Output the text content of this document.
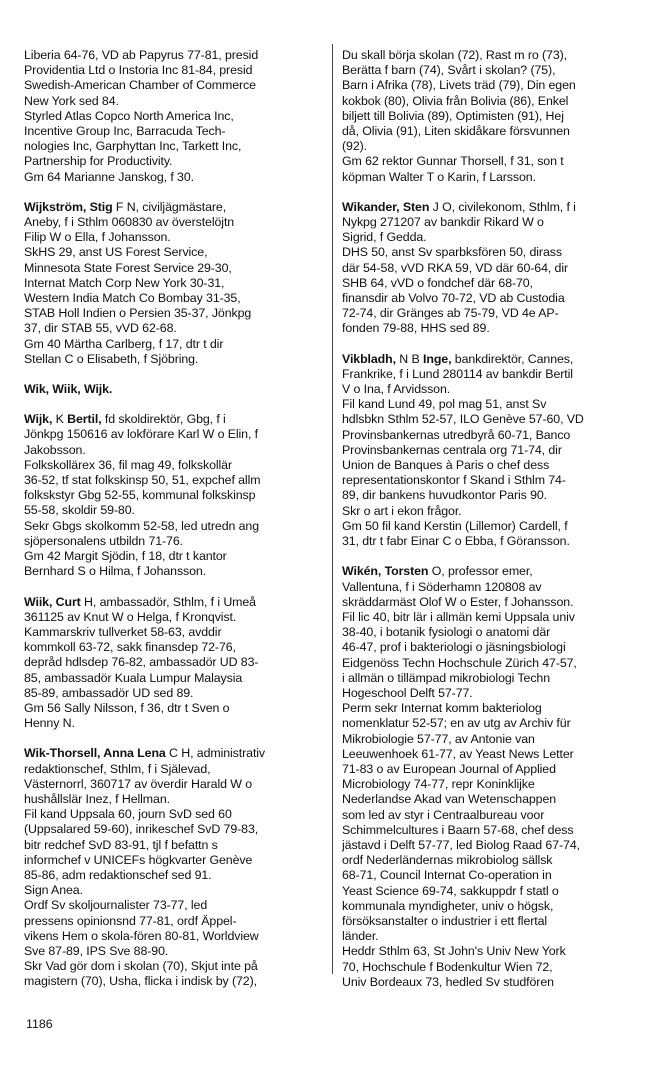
Liberia 64-76, VD ab Papyrus 77-81, presid
Providentia Ltd o Instoria Inc 81-84, presid
Swedish-American Chamber of Commerce
New York sed 84.
Styrled Atlas Copco North America Inc,
Incentive Group Inc, Barracuda Tech-
nologies Inc, Garphyttan Inc, Tarkett Inc,
Partnership for Productivity.
Gm 64 Marianne Janskog, f 30.
Wijkström, Stig F N, civiljägmästare,
Aneby, f i Sthlm 060830 av överstelöjtn
Filip W o Ella, f Johansson.
SkHS 29, anst US Forest Service,
Minnesota State Forest Service 29-30,
Internat Match Corp New York 30-31,
Western India Match Co Bombay 31-35,
STAB Holl Indien o Persien 35-37, Jönkpg
37, dir STAB 55, vVD 62-68.
Gm 40 Märtha Carlberg, f 17, dtr t dir
Stellan C o Elisabeth, f Sjöbring.
Wik, Wiik, Wijk.
Wijk, K Bertil, fd skoldirektör, Gbg, f i
Jönkpg 150616 av lokförare Karl W o Elin, f
Jakobsson.
Folkskollärex 36, fil mag 49, folkskollär
36-52, tf stat folkskinsp 50, 51, expchef allm
folkskstyr Gbg 52-55, kommunal folkskinsp
55-58, skoldir 59-80.
Sekr Gbgs skolkomm 52-58, led utredn ang
sjöpersonalens utbildn 71-76.
Gm 42 Margit Sjödin, f 18, dtr t kantor
Bernhard S o Hilma, f Johansson.
Wiik, Curt H, ambassadör, Sthlm, f i Umeå
361125 av Knut W o Helga, f Kronqvist.
Kammarskriv tullverket 58-63, avddir
kommkoll 63-72, sakk finansdep 72-76,
depråd hdlsdep 76-82, ambassadör UD 83-
85, ambassadör Kuala Lumpur Malaysia
85-89, ambassadör UD sed 89.
Gm 56 Sally Nilsson, f 36, dtr t Sven o
Henny N.
Wik-Thorsell, Anna Lena C H, administrativ
redaktionschef, Sthlm, f i Själevad,
Västernorrl, 360717 av överdir Harald W o
hushållslär Inez, f Hellman.
Fil kand Uppsala 60, journ SvD sed 60
(Uppsalared 59-60), inrikeschef SvD 79-83,
bitr redchef SvD 83-91, tjl f befattn s
informchef v UNICEFs högkvarter Genève
85-86, adm redaktionschef sed 91.
Sign Anea.
Ordf Sv skoljournalister 73-77, led
pressens opinionsnd 77-81, ordf Äppel-
vikens Hem o skola-fören 80-81, Worldview
Sve 87-89, IPS Sve 88-90.
Skr Vad gör dom i skolan (70), Skjut inte på
magistern (70), Usha, flicka i indisk by (72),
Du skall börja skolan (72), Rast m ro (73),
Berätta f barn (74), Svårt i skolan? (75),
Barn i Afrika (78), Livets träd (79), Din egen
kokbok (80), Olivia från Bolivia (86), Enkel
biljett till Bolivia (89), Optimisten (91), Hej
då, Olivia (91), Liten skidåkare försvunnen
(92).
Gm 62 rektor Gunnar Thorsell, f 31, son t
köpman Walter T o Karin, f Larsson.
Wikander, Sten J O, civilekonom, Sthlm, f i
Nykpg 271207 av bankdir Rikard W o
Sigrid, f Gedda.
DHS 50, anst Sv sparbksfören 50, dirass
där 54-58, vVD RKA 59, VD där 60-64, dir
SHB 64, vVD o fondchef där 68-70,
finansdir ab Volvo 70-72, VD ab Custodia
72-74, dir Gränges ab 75-79, VD 4e AP-
fonden 79-88, HHS sed 89.
Vikbladh, N B Inge, bankdirektör, Cannes,
Frankrike, f i Lund 280114 av bankdir Bertil
V o Ina, f Arvidsson.
Fil kand Lund 49, pol mag 51, anst Sv
hdlsbkn Sthlm 52-57, ILO Genève 57-60, VD
Provinsbankernas utredbyrå 60-71, Banco
Provinsbankernas centrala org 71-74, dir
Union de Banques à Paris o chef dess
representationskontor f Skand i Sthlm 74-
89, dir bankens huvudkontor Paris 90.
Skr o art i ekon frågor.
Gm 50 fil kand Kerstin (Lillemor) Cardell, f
31, dtr t fabr Einar C o Ebba, f Göransson.
Wikén, Torsten O, professor emer,
Vallentuna, f i Söderhamn 120808 av
skräddarmäst Olof W o Ester, f Johansson.
Fil lic 40, bitr lär i allmän kemi Uppsala univ
38-40, i botanik fysiologi o anatomi där
46-47, prof i bakteriologi o jäsningsbiologi
Eidgenöss Techn Hochschule Zürich 47-57,
i allmän o tillämpad mikrobiologi Techn
Hogeschool Delft 57-77.
Perm sekr Internat komm bakteriolog
nomenklatur 52-57; en av utg av Archiv für
Mikrobiologie 57-77, av Antonie van
Leeuwenhoek 61-77, av Yeast News Letter
71-83 o av European Journal of Applied
Microbiology 74-77, repr Koninklijke
Nederlandse Akad van Wetenschappen
som led av styr i Centraalbureau voor
Schimmelcultures i Baarn 57-68, chef dess
jästavd i Delft 57-77, led Biolog Raad 67-74,
ordf Nederländernas mikrobiolog sällsk
68-71, Council Internat Co-operation in
Yeast Science 69-74, sakkuppdr f statl o
kommunala myndigheter, univ o högsk,
försöksanstalter o industrier i ett flertal
länder.
Heddr Sthlm 63, St John's Univ New York
70, Hochschule f Bodenkultur Wien 72,
Univ Bordeaux 73, hedled Sv studfören
1186
